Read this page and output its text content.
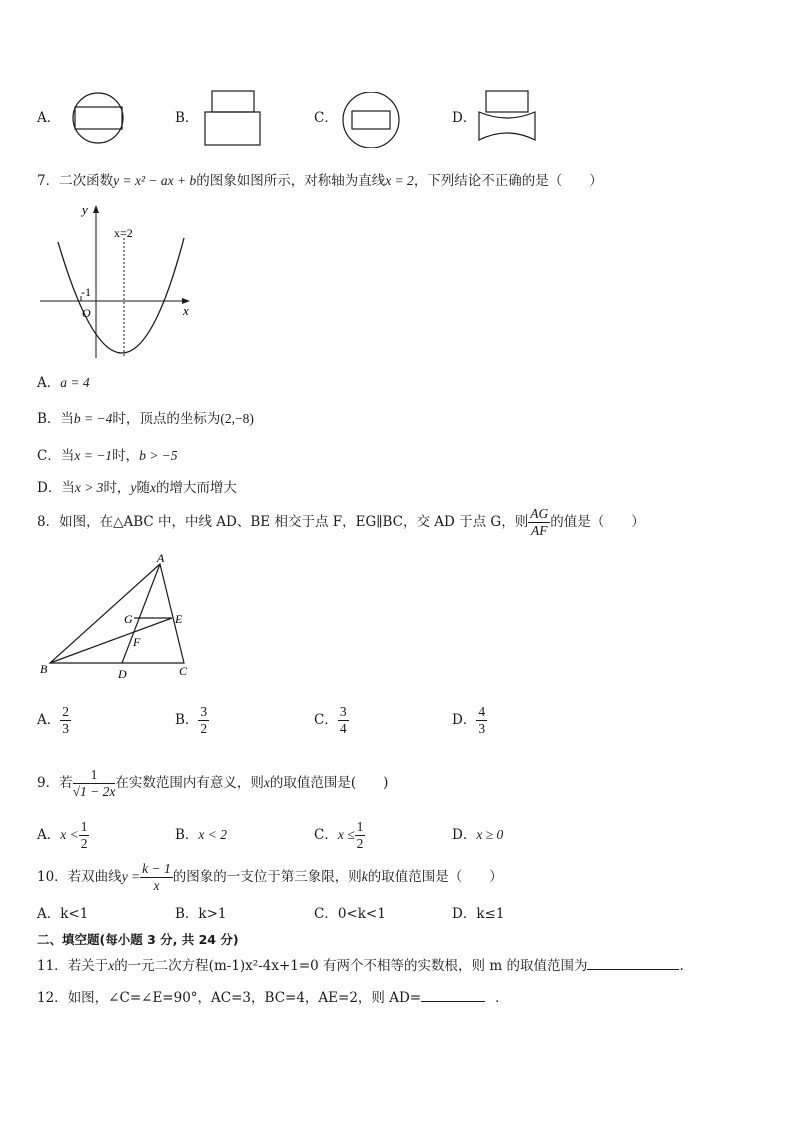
A．	B．	C．	D．
7．二次函数y = x² − ax + b的图象如图所示，对称轴为直线x = 2，下列结论不正确的是（　　）
y
x
O
-1
x=2
A．a = 4
B．当b = −4时，顶点的坐标为(2,−8)
C．当x = −1时，b > −5
D．当x > 3时，y随x的增大而增大
8．如图，在△ABC 中，中线 AD、BE 相交于点 F，EG∥BC，交 AD 于点 G，则 $\frac{AG}{AF}$ 的值是（　　）
A
B	C
D
E
F
G
A． $\frac{2}{3}$	B． $\frac{3}{2}$	C． $\frac{3}{4}$	D． $\frac{4}{3}$
9．若 $\frac{1}{√1 - 2x}$ 在实数范围内有意义，则x的取值范围是(　　)
A．$x < \frac{1}{2}$	B．x < 2	C．$x \le \frac{1}{2}$	D．x ≥ 0
10．若双曲线$y = \frac{k - 1}{x}$ 的图象的一支位于第三象限，则k的取值范围是（　　）
A．k<1	B．k>1	C．0<k<1	D．k≤1
二、填空题(每小题 3 分, 共 24 分)
11．若关于x的一元二次方程(m-1)x²-4x+1=0 有两个不相等的实数根，则 m 的取值范围为	.
12．如图，∠C=∠E=90°，AC=3，BC=4，AE=2，则 AD=	．
